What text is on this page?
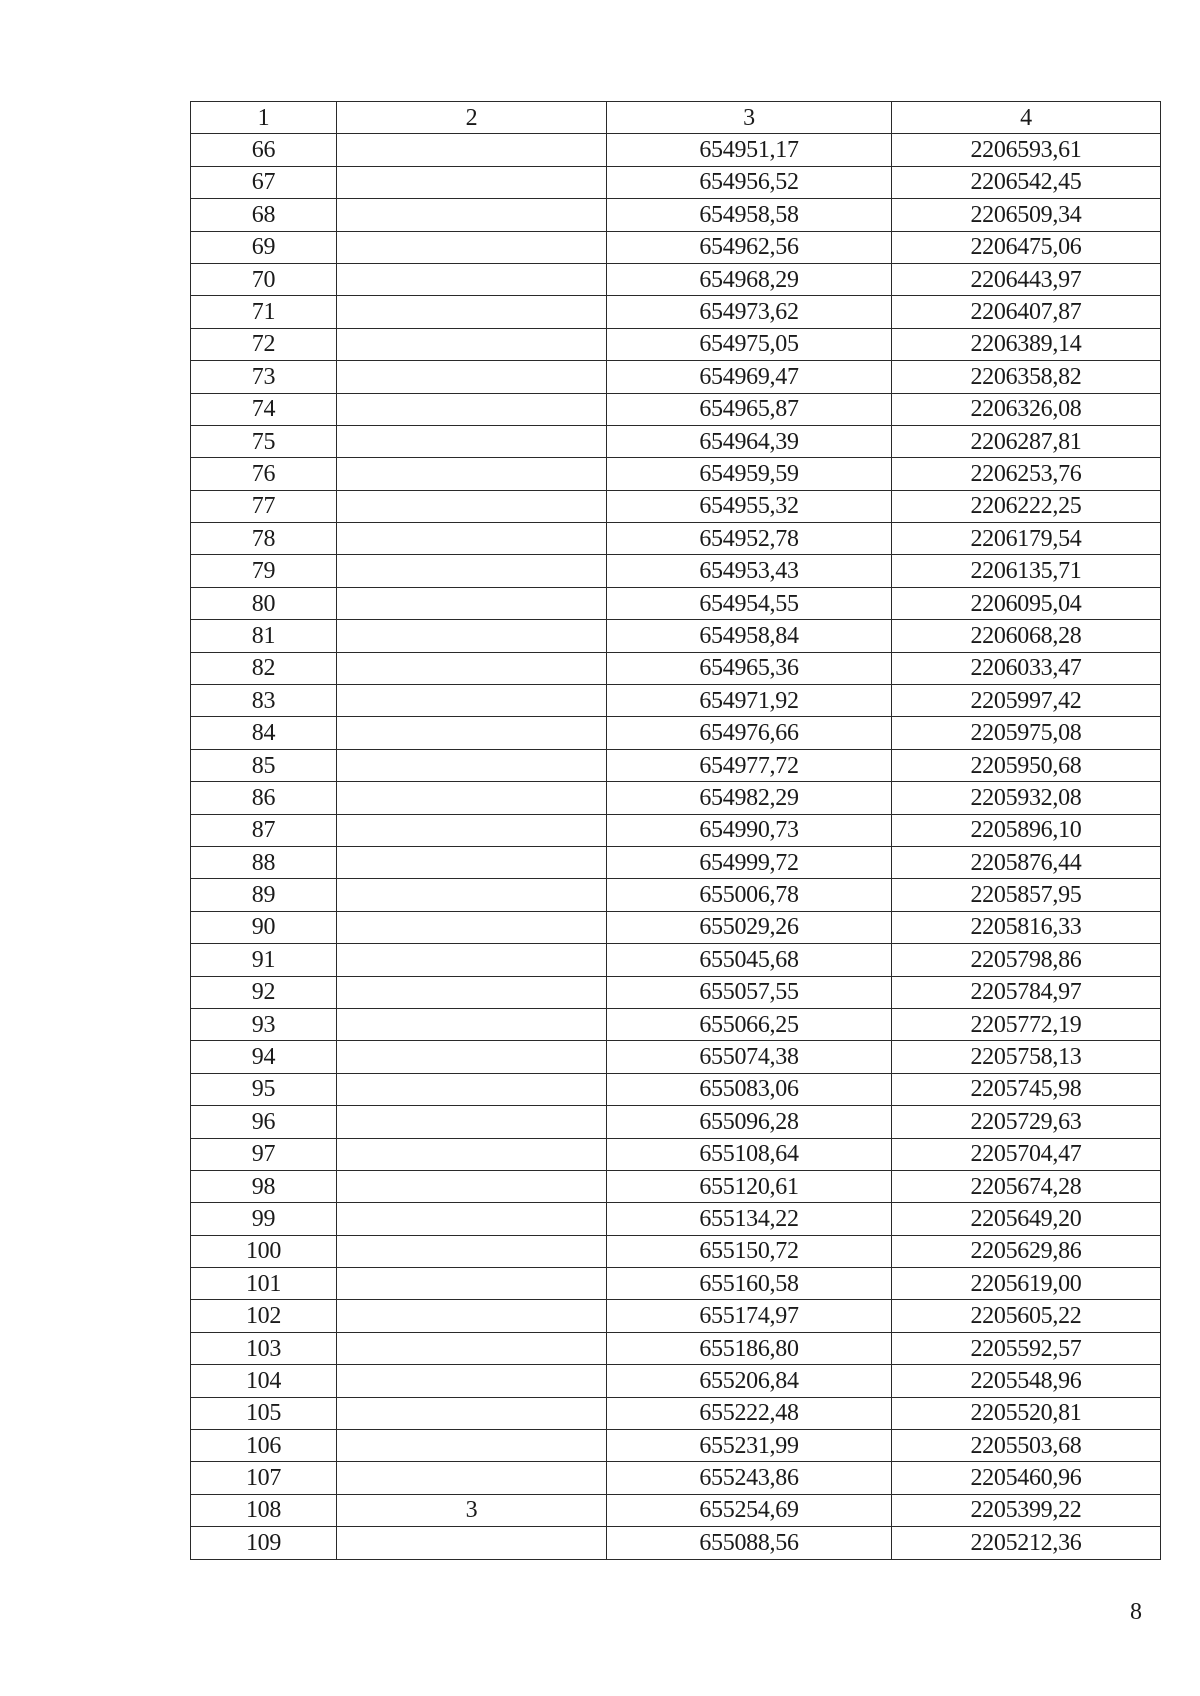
1	2	3	4
66		654951,17	2206593,61
67		654956,52	2206542,45
68		654958,58	2206509,34
69		654962,56	2206475,06
70		654968,29	2206443,97
71		654973,62	2206407,87
72		654975,05	2206389,14
73		654969,47	2206358,82
74		654965,87	2206326,08
75		654964,39	2206287,81
76		654959,59	2206253,76
77		654955,32	2206222,25
78		654952,78	2206179,54
79		654953,43	2206135,71
80		654954,55	2206095,04
81		654958,84	2206068,28
82		654965,36	2206033,47
83		654971,92	2205997,42
84		654976,66	2205975,08
85		654977,72	2205950,68
86		654982,29	2205932,08
87		654990,73	2205896,10
88		654999,72	2205876,44
89		655006,78	2205857,95
90		655029,26	2205816,33
91		655045,68	2205798,86
92		655057,55	2205784,97
93		655066,25	2205772,19
94		655074,38	2205758,13
95		655083,06	2205745,98
96		655096,28	2205729,63
97		655108,64	2205704,47
98		655120,61	2205674,28
99		655134,22	2205649,20
100		655150,72	2205629,86
101		655160,58	2205619,00
102		655174,97	2205605,22
103		655186,80	2205592,57
104		655206,84	2205548,96
105		655222,48	2205520,81
106		655231,99	2205503,68
107		655243,86	2205460,96
108	3	655254,69	2205399,22
109		655088,56	2205212,36
8
